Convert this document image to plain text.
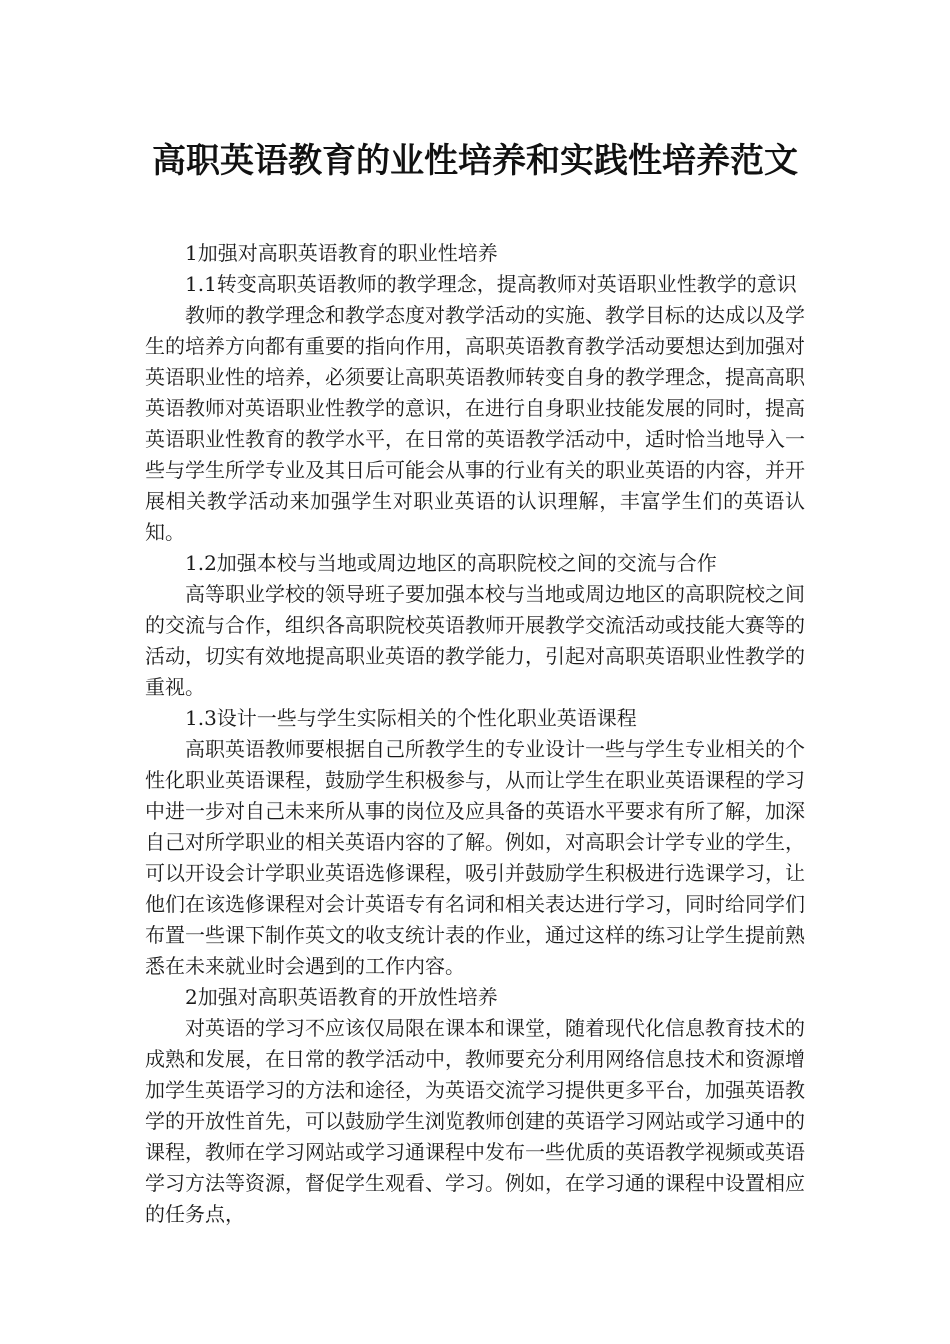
高职英语教育的业性培养和实践性培养范文

1加强对高职英语教育的职业性培养

1.1转变高职英语教师的教学理念，提高教师对英语职业性教学的意识

教师的教学理念和教学态度对教学活动的实施、教学目标的达成以及学生的培养方向都有重要的指向作用，高职英语教育教学活动要想达到加强对英语职业性的培养，必须要让高职英语教师转变自身的教学理念，提高高职英语教师对英语职业性教学的意识，在进行自身职业技能发展的同时，提高英语职业性教育的教学水平，在日常的英语教学活动中，适时恰当地导入一些与学生所学专业及其日后可能会从事的行业有关的职业英语的内容，并开展相关教学活动来加强学生对职业英语的认识理解，丰富学生们的英语认知。

1.2加强本校与当地或周边地区的高职院校之间的交流与合作

高等职业学校的领导班子要加强本校与当地或周边地区的高职院校之间的交流与合作，组织各高职院校英语教师开展教学交流活动或技能大赛等的活动，切实有效地提高职业英语的教学能力，引起对高职英语职业性教学的重视。

1.3设计一些与学生实际相关的个性化职业英语课程

高职英语教师要根据自己所教学生的专业设计一些与学生专业相关的个性化职业英语课程，鼓励学生积极参与，从而让学生在职业英语课程的学习中进一步对自己未来所从事的岗位及应具备的英语水平要求有所了解，加深自己对所学职业的相关英语内容的了解。例如，对高职会计学专业的学生，可以开设会计学职业英语选修课程，吸引并鼓励学生积极进行选课学习，让他们在该选修课程对会计英语专有名词和相关表达进行学习，同时给同学们布置一些课下制作英文的收支统计表的作业，通过这样的练习让学生提前熟悉在未来就业时会遇到的工作内容。

2加强对高职英语教育的开放性培养

对英语的学习不应该仅局限在课本和课堂，随着现代化信息教育技术的成熟和发展，在日常的教学活动中，教师要充分利用网络信息技术和资源增加学生英语学习的方法和途径，为英语交流学习提供更多平台，加强英语教学的开放性首先，可以鼓励学生浏览教师创建的英语学习网站或学习通中的课程，教师在学习网站或学习通课程中发布一些优质的英语教学视频或英语学习方法等资源，督促学生观看、学习。例如，在学习通的课程中设置相应的任务点，
